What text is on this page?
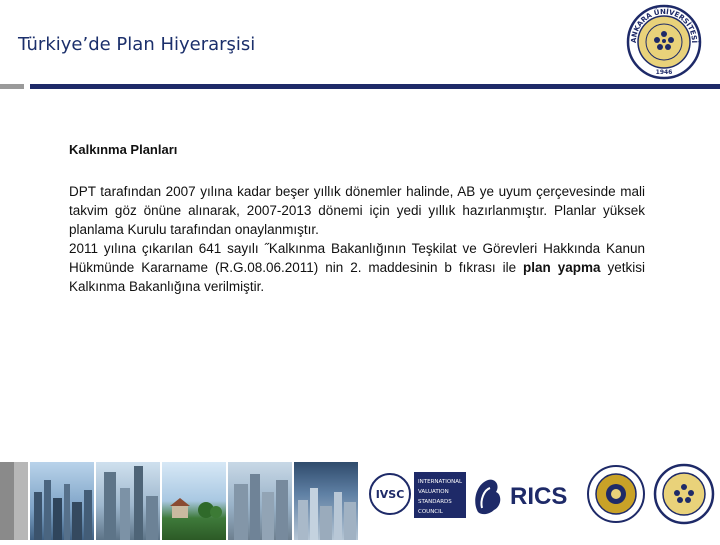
Türkiye’de Plan Hiyerarşisi	ANKARA ÜNİVERSİTESİ
1946
Kalkınma Planları

DPT tarafından 2007 yılına kadar beşer yıllık dönemler halinde, AB ye uyum çerçevesinde mali takvim göz önüne alınarak, 2007-2013 dönemi için yedi yıllık hazırlanmıştır. Planlar yüksek planlama Kurulu tarafından onaylanmıştır.

2011 yılına çıkarılan 641 sayılı ˝Kalkınma Bakanlığının Teşkilat ve Görevleri Hakkında Kanun Hükmünde Kararname (R.G.08.06.2011) nin 2. maddesinin b fıkrası ile plan yapma yetkisi Kalkınma Bakanlığına verilmiştir.

IVSC
INTERNATIONAL
VALUATION
STANDARDS
COUNCIL
RICS
